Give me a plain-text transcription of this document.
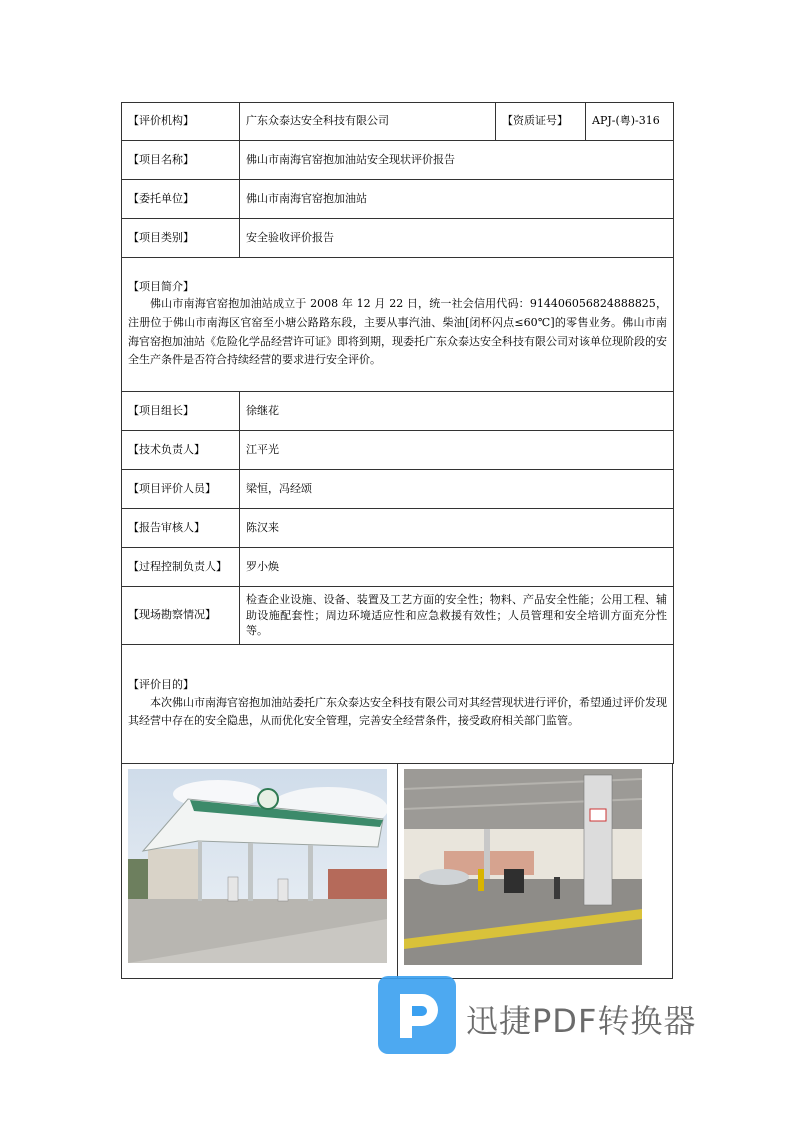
【评价机构】	广东众泰达安全科技有限公司	【资质证号】	APJ-(粤)-316
【项目名称】	佛山市南海官窑抱加油站安全现状评价报告		
【委托单位】	佛山市南海官窑抱加油站		
【项目类别】	安全验收评价报告		

【项目简介】
佛山市南海官窑抱加油站成立于 2008 年 12 月 22 日，统一社会信用代码：914406056824888825，注册位于佛山市南海区官窑至小塘公路路东段，主要从事汽油、柴油[闭杯闪点≤60℃]的零售业务。佛山市南海官窑抱加油站《危险化学品经营许可证》即将到期，现委托广东众泰达安全科技有限公司对该单位现阶段的安全生产条件是否符合持续经营的要求进行安全评价。			

【项目组长】	徐继花		
【技术负责人】	江平光		
【项目评价人员】	梁恒，冯经颂		
【报告审核人】	陈汉来		
【过程控制负责人】	罗小焕		
【现场勘察情况】	检查企业设施、设备、装置及工艺方面的安全性；物料、产品安全性能；公用工程、辅助设施配套性；周边环境适应性和应急救援有效性；人员管理和安全培训方面充分性等。		

【评价目的】
本次佛山市南海官窑抱加油站委托广东众泰达安全科技有限公司对其经营现状进行评价，希望通过评价发现其经营中存在的安全隐患，从而优化安全管理，完善安全经营条件，接受政府相关部门监管。			
迅捷PDF转换器
